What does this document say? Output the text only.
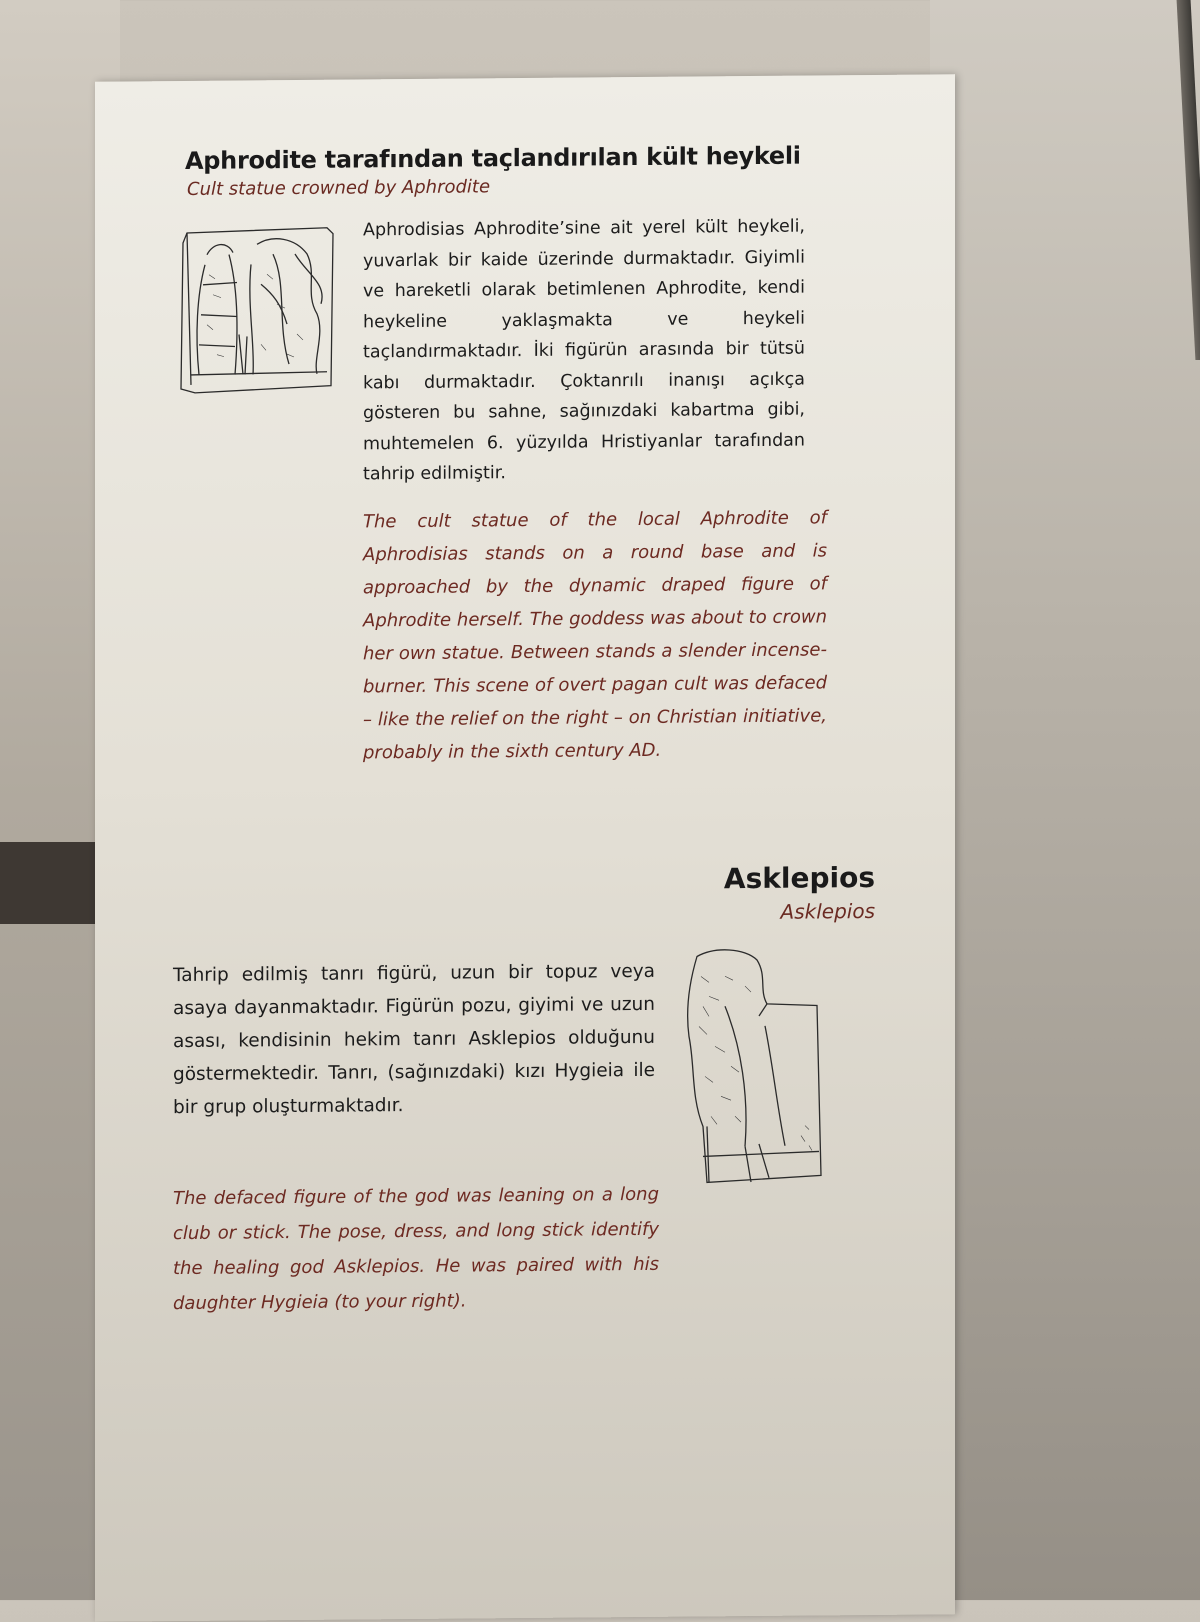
Aphrodite tarafından taçlandırılan kült heykeli
Cult statue crowned by Aphrodite
Aphrodisias Aphrodite’sine ait yerel kült heykeli, yuvarlak bir kaide üzerinde durmaktadır. Giyimli ve hareketli olarak betimlenen Aphrodite, kendi heykeline yaklaşmakta ve heykeli taçlandırmaktadır. İki figürün arasında bir tütsü kabı durmaktadır. Çoktanrılı inanışı açıkça gösteren bu sahne, sağınızdaki kabartma gibi, muhtemelen 6. yüzyılda Hristiyanlar tarafından tahrip edilmiştir.
The cult statue of the local Aphrodite of Aphrodisias stands on a round base and is approached by the dynamic draped figure of Aphrodite herself. The goddess was about to crown her own statue. Between stands a slender incense-burner. This scene of overt pagan cult was defaced – like the relief on the right – on Christian initiative, probably in the sixth century AD.
Asklepios
Asklepios
Tahrip edilmiş tanrı figürü, uzun bir topuz veya asaya dayanmaktadır. Figürün pozu, giyimi ve uzun asası, kendisinin hekim tanrı Asklepios olduğunu göstermektedir. Tanrı, (sağınızdaki) kızı Hygieia ile bir grup oluşturmaktadır.
The defaced figure of the god was leaning on a long club or stick. The pose, dress, and long stick identify the healing god Asklepios. He was paired with his daughter Hygieia (to your right).
